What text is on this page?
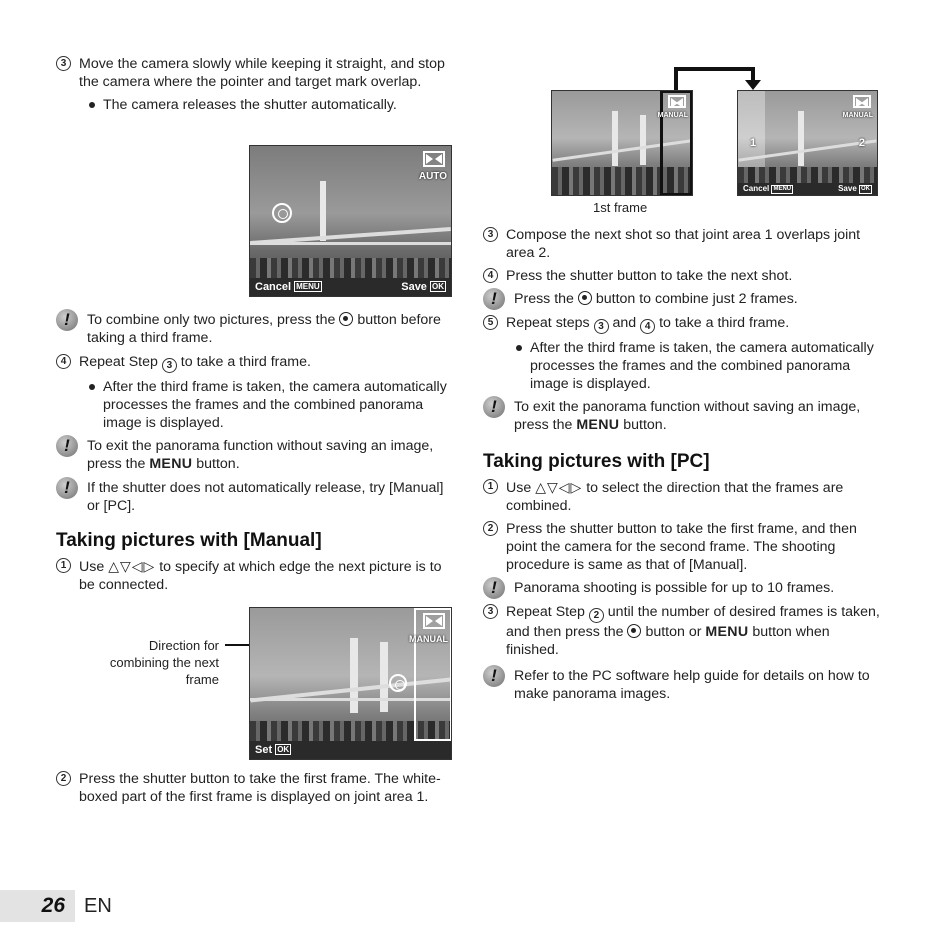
3 Move the camera slowly while keeping it straight, and stop the camera where the pointer and target mark overlap.
The camera releases the shutter automatically.
AUTO
Cancel MENU	Save OK
!
To combine only two pictures, press the button before taking a third frame.
4 Repeat Step 3 to take a third frame.
After the third frame is taken, the camera automatically processes the frames and the combined panorama image is displayed.
!
To exit the panorama function without saving an image, press the MENU button.
!
If the shutter does not automatically release, try [Manual] or [PC].
Taking pictures with [Manual]
1 Use △▽◁▷ to specify at which edge the next picture is to be connected.
Direction for combining the next frame
MANUAL
Set OK
2 Press the shutter button to take the first frame. The white-boxed part of the first frame is displayed on joint area 1.
MANUAL
1st frame
1	2
MANUAL
Cancel MENU	Save OK
3 Compose the next shot so that joint area 1 overlaps joint area 2.
4 Press the shutter button to take the next shot.
!
Press the button to combine just 2 frames.
5 Repeat steps 3 and 4 to take a third frame.
After the third frame is taken, the camera automatically processes the frames and the combined panorama image is displayed.
!
To exit the panorama function without saving an image, press the MENU button.
Taking pictures with [PC]
1 Use △▽◁▷ to select the direction that the frames are combined.
2 Press the shutter button to take the first frame, and then point the camera for the second frame. The shooting procedure is same as that of [Manual].
!
Panorama shooting is possible for up to 10 frames.
3 Repeat Step 2 until the number of desired frames is taken, and then press the button or MENU button when finished.
!
Refer to the PC software help guide for details on how to make panorama images.
26 EN
